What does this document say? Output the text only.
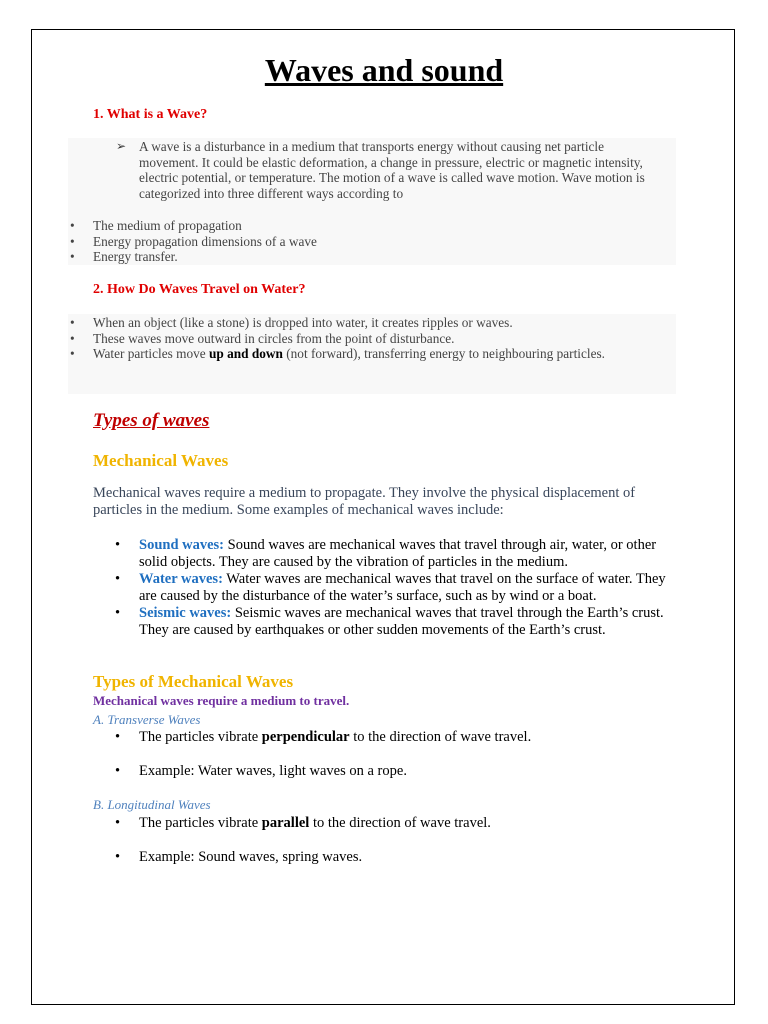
Waves and sound
1. What is a Wave?
➢ A wave is a disturbance in a medium that transports energy without causing net particle movement. It could be elastic deformation, a change in pressure, electric or magnetic intensity, electric potential, or temperature. The motion of a wave is called wave motion. Wave motion is categorized into three different ways according to
• The medium of propagation
• Energy propagation dimensions of a wave
• Energy transfer.
2. How Do Waves Travel on Water?
• When an object (like a stone) is dropped into water, it creates ripples or waves.
• These waves move outward in circles from the point of disturbance.
• Water particles move up and down (not forward), transferring energy to neighbouring particles.
Types of waves
Mechanical Waves
Mechanical waves require a medium to propagate. They involve the physical displacement of particles in the medium. Some examples of mechanical waves include:
• Sound waves: Sound waves are mechanical waves that travel through air, water, or other solid objects. They are caused by the vibration of particles in the medium.
• Water waves: Water waves are mechanical waves that travel on the surface of water. They are caused by the disturbance of the water’s surface, such as by wind or a boat.
• Seismic waves: Seismic waves are mechanical waves that travel through the Earth’s crust. They are caused by earthquakes or other sudden movements of the Earth’s crust.
Types of Mechanical Waves
Mechanical waves require a medium to travel.
A. Transverse Waves
• The particles vibrate perpendicular to the direction of wave travel.
• Example: Water waves, light waves on a rope.
B. Longitudinal Waves
• The particles vibrate parallel to the direction of wave travel.
• Example: Sound waves, spring waves.
